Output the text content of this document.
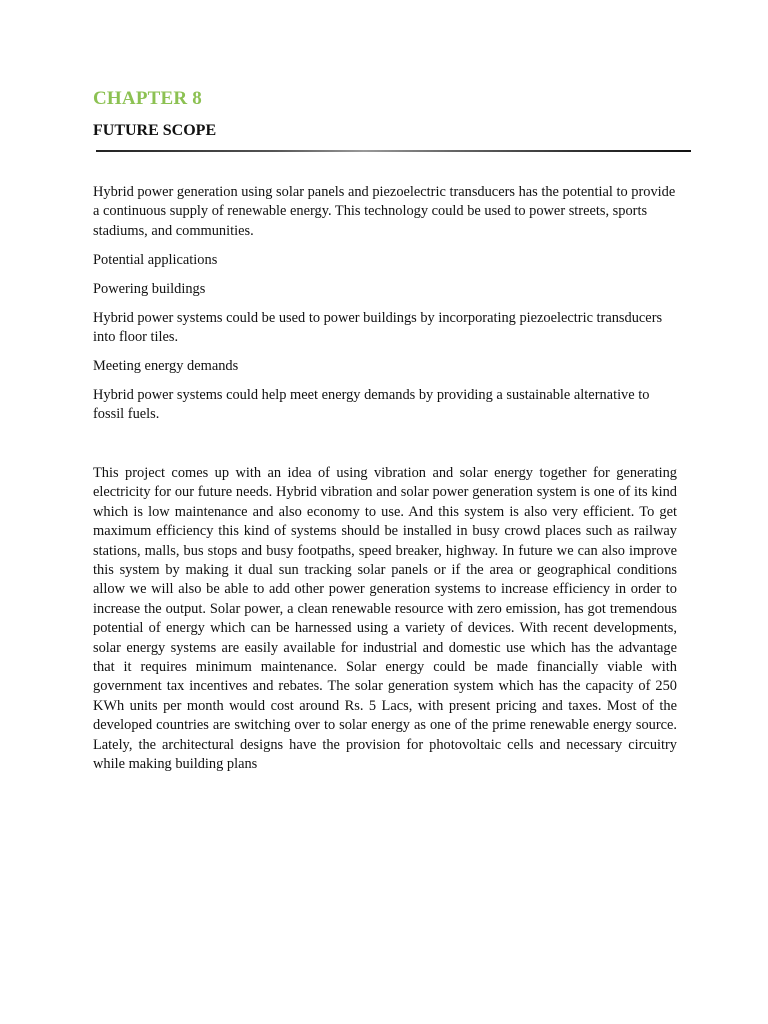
CHAPTER 8
FUTURE SCOPE

Hybrid power generation using solar panels and piezoelectric transducers has the potential to provide a continuous supply of renewable energy. This technology could be used to power streets, sports stadiums, and communities.

Potential applications

Powering buildings

Hybrid power systems could be used to power buildings by incorporating piezoelectric transducers into floor tiles.

Meeting energy demands

Hybrid power systems could help meet energy demands by providing a sustainable alternative to fossil fuels.

This project comes up with an idea of using vibration and solar energy together for generating electricity for our future needs. Hybrid vibration and solar power generation system is one of its kind which is low maintenance and also economy to use. And this system is also very efficient. To get maximum efficiency this kind of systems should be installed in busy crowd places such as railway stations, malls, bus stops and busy footpaths, speed breaker, highway. In future we can also improve this system by making it dual sun tracking solar panels or if the area or geographical conditions allow we will also be able to add other power generation systems to increase efficiency in order to increase the output. Solar power, a clean renewable resource with zero emission, has got tremendous potential of energy which can be harnessed using a variety of devices. With recent developments, solar energy systems are easily available for industrial and domestic use which has the advantage that it requires minimum maintenance. Solar energy could be made financially viable with government tax incentives and rebates. The solar generation system which has the capacity of 250 KWh units per month would cost around Rs. 5 Lacs, with present pricing and taxes. Most of the developed countries are switching over to solar energy as one of the prime renewable energy source. Lately, the architectural designs have the provision for photovoltaic cells and necessary circuitry while making building plans
